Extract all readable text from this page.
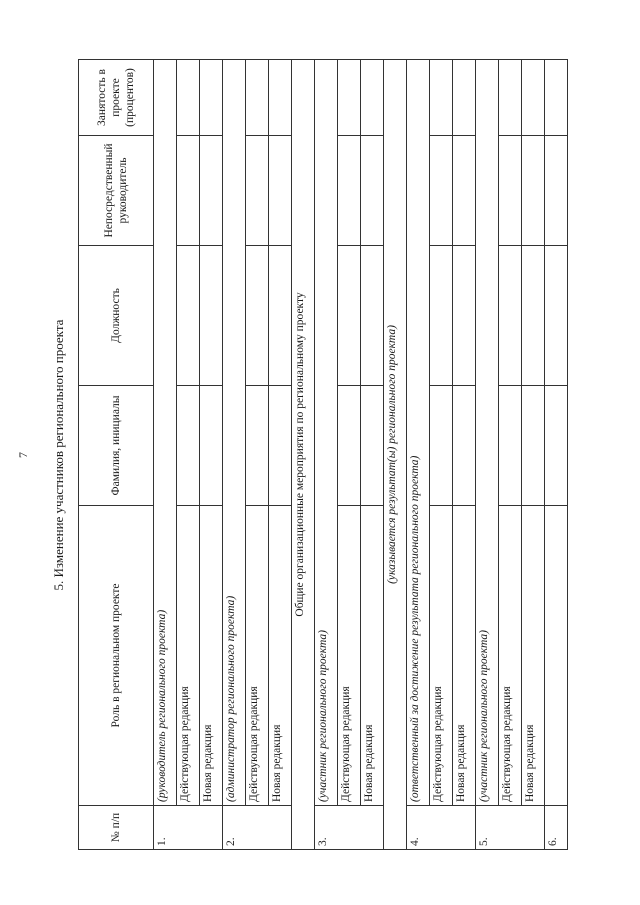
7 5. Изменение участников регионального проекта
№ п/п	Роль в региональном проекте	Фамилия, инициалы	Должность	Непосредственный руководитель	Занятость в проекте (процентов)
1.	(руководитель регионального проекта)				
	Действующая редакция				
	Новая редакция				
2.	(администратор регионального проекта)				
	Действующая редакция				
	Новая редакция				
Общие организационные мероприятия по региональному проекту					
3.	(участник регионального проекта)				
	Действующая редакция				
	Новая редакция				
(указывается результат(ы) регионального проекта)					
4.	(ответственный за достижение результата регионального проекта)				
	Действующая редакция				
	Новая редакция				
5.	(участник регионального проекта)				
	Действующая редакция				
	Новая редакция				
6.					
